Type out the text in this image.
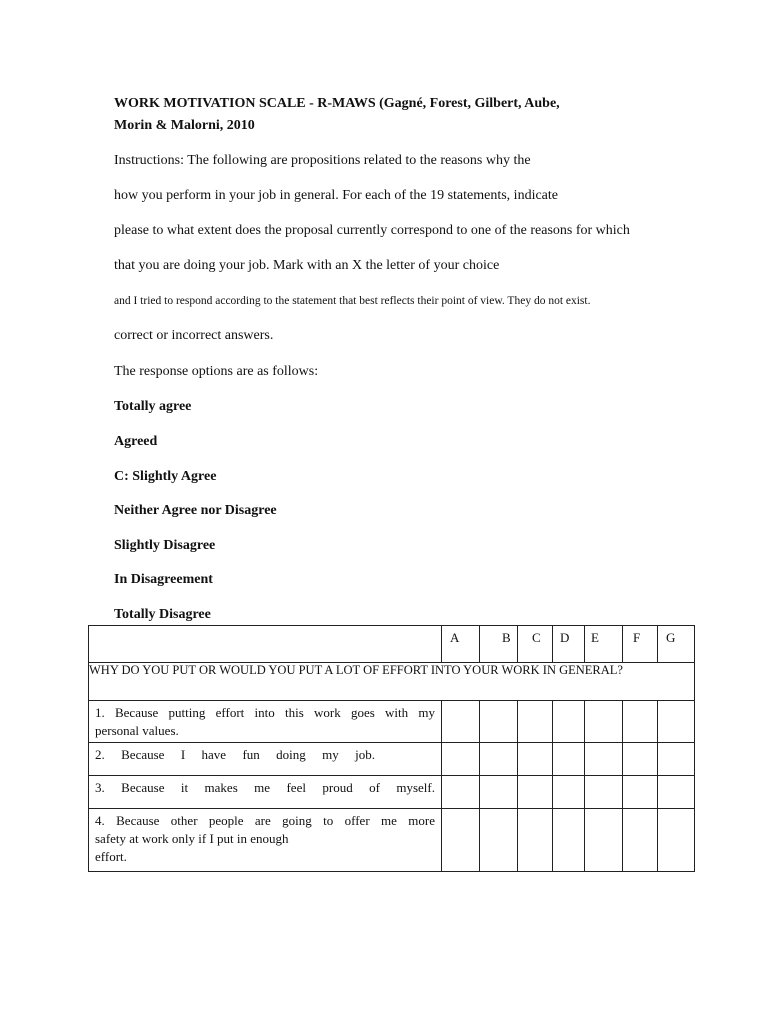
WORK MOTIVATION SCALE - R-MAWS (Gagné, Forest, Gilbert, Aube,
Morin & Malorni, 2010
Instructions: The following are propositions related to the reasons why the
how you perform in your job in general. For each of the 19 statements, indicate
please to what extent does the proposal currently correspond to one of the reasons for which
that you are doing your job. Mark with an X the letter of your choice
and I tried to respond according to the statement that best reflects their point of view. They do not exist.
correct or incorrect answers.
The response options are as follows:
Totally agree
Agreed
C: Slightly Agree
Neither Agree nor Disagree
Slightly Disagree
In Disagreement
Totally Disagree

	A	B	C	D	E	F	G

WHY DO YOU PUT OR WOULD YOU PUT A LOT OF EFFORT INTO YOUR WORK IN GENERAL?							

1. Because putting effort into this work goes with my
personal values.							

2. Because I have fun doing my job.							

3. Because it makes me feel proud of myself.							

4. Because other people are going to offer me more
safety at work only if I put in enough
effort.							
